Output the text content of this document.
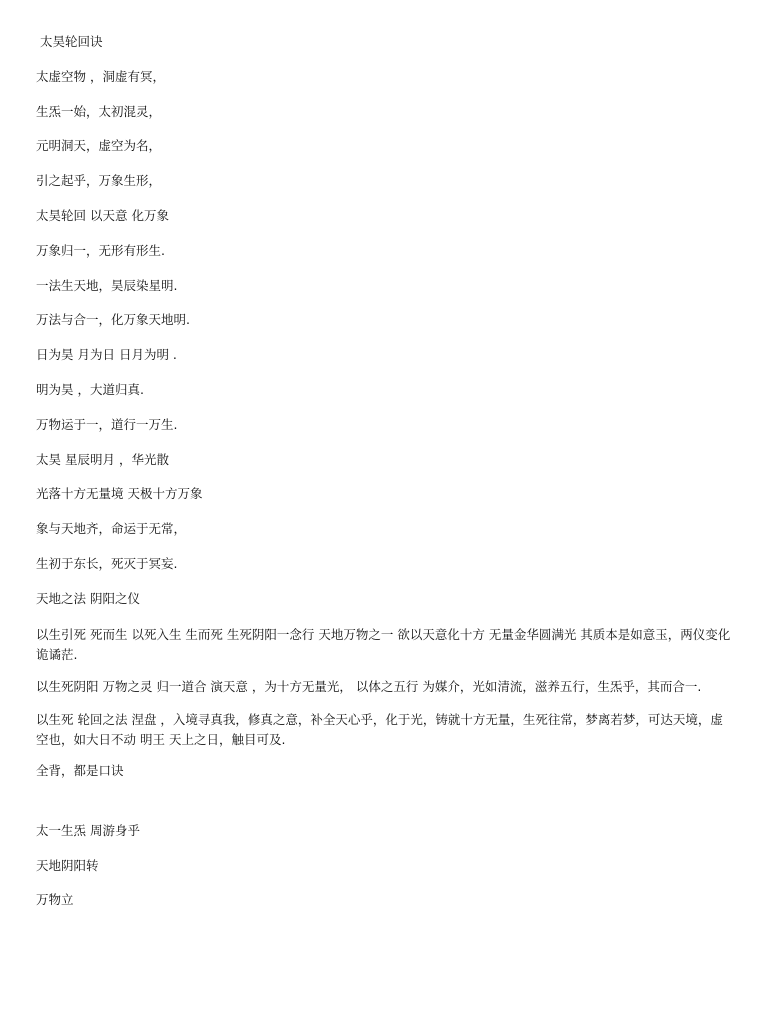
太昊轮回诀
太虚空物 ，洞虚有冥，
生炁一始，太初混灵，
元明洞天，虚空为名，
引之起乎，万象生形，
太昊轮回 以天意 化万象
万象归一，无形有形生.
一法生天地，昊辰染星明.
万法与合一，化万象天地明.
日为昊 月为日 日月为明 .
明为昊 ，大道归真.
万物运于一，道行一万生.
太昊 星辰明月 ，华光散
光落十方无量境 天极十方万象
象与天地齐，命运于无常，
生初于东长，死灭于冥妄.
天地之法 阴阳之仪
以生引死 死而生 以死入生 生而死 生死阴阳一念行 天地万物之一 欲以天意化十方 无量金华圆满光 其质本是如意玉，两仪变化诡谲茫.
以生死阴阳 万物之灵 归一道合 演天意 ，为十方无量光， 以体之五行 为媒介，光如清流，滋养五行，生炁乎，其而合一.
以生死 轮回之法 涅盘 ，入境寻真我，修真之意，补全天心乎，化于光，铸就十方无量，生死往常，梦离若梦，可达天境，虚空也，如大日不动 明王 天上之日，触目可及.
全背，都是口诀
太一生炁 周游身乎
天地阴阳转
万物立
